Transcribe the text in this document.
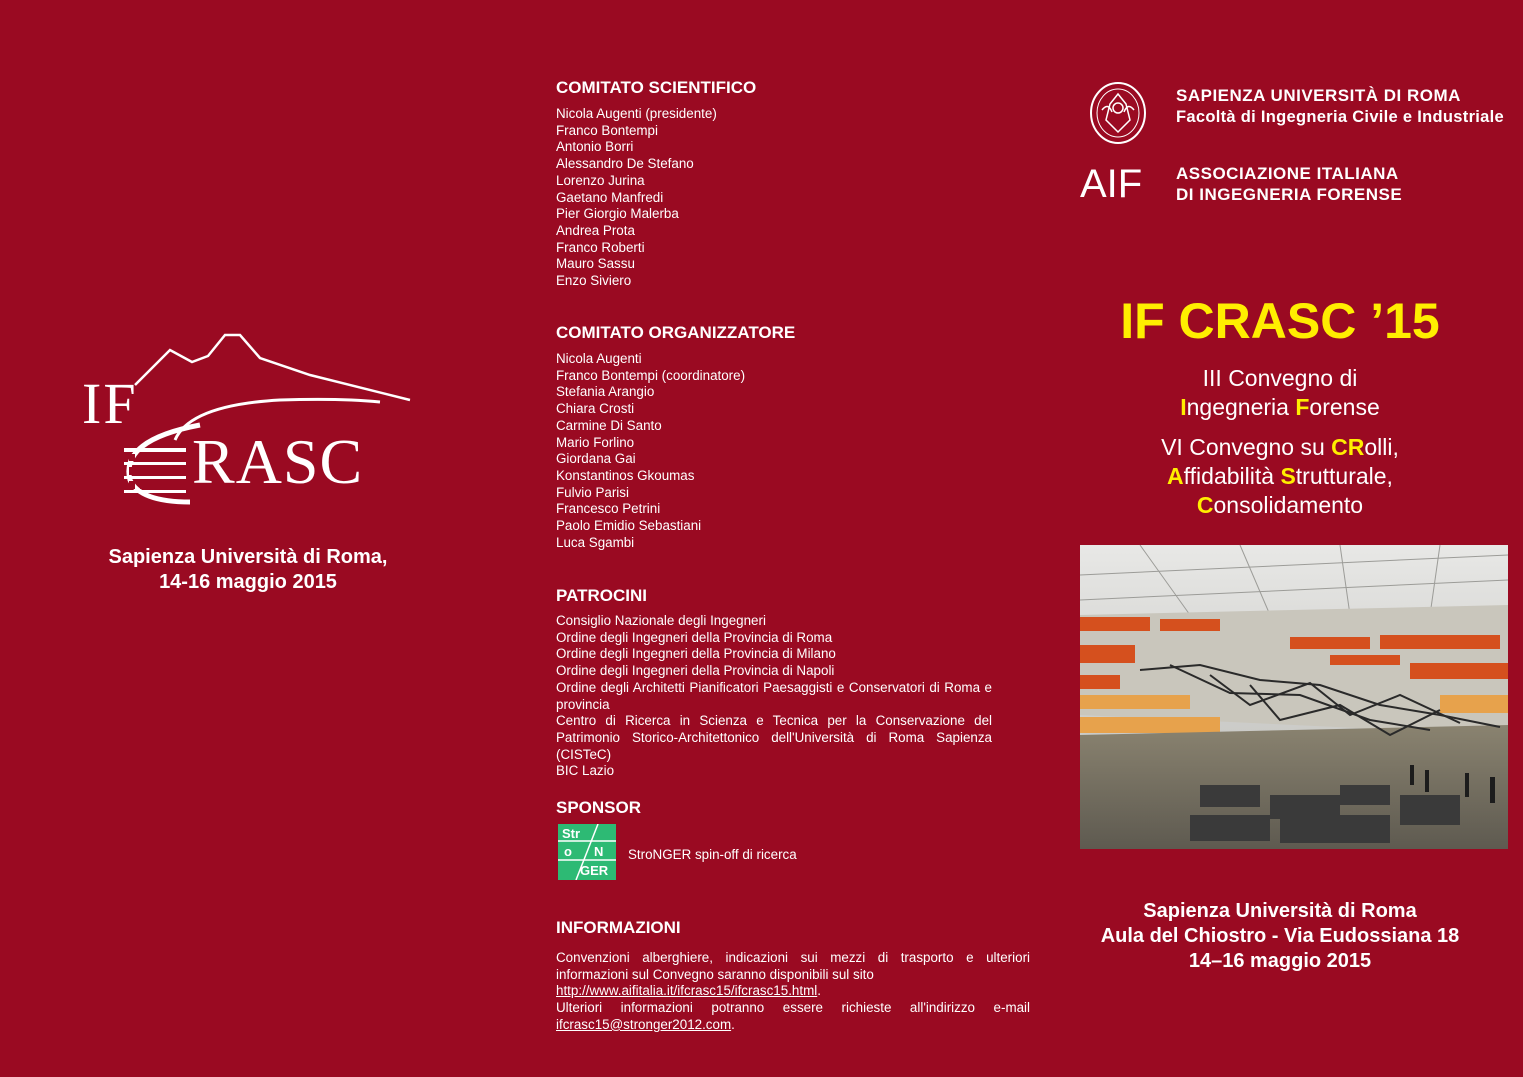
IF
RASC
Sapienza Università di Roma,
14-16 maggio 2015
COMITATO SCIENTIFICO
Nicola Augenti (presidente)
Franco Bontempi
Antonio Borri
Alessandro De Stefano
Lorenzo Jurina
Gaetano Manfredi
Pier Giorgio Malerba
Andrea Prota
Franco Roberti
Mauro Sassu
Enzo Siviero
COMITATO ORGANIZZATORE
Nicola Augenti
Franco Bontempi (coordinatore)
Stefania Arangio
Chiara Crosti
Carmine Di Santo
Mario Forlino
Giordana Gai
Konstantinos Gkoumas
Fulvio Parisi
Francesco Petrini
Paolo Emidio Sebastiani
Luca Sgambi
PATROCINI
Consiglio Nazionale degli Ingegneri
Ordine degli Ingegneri della Provincia di Roma
Ordine degli Ingegneri della Provincia di Milano
Ordine degli Ingegneri della Provincia di Napoli
Ordine degli Architetti Pianificatori Paesaggisti e Conservatori di Roma e provincia
Centro di Ricerca in Scienza e Tecnica per la Conservazione del Patrimonio Storico-Architettonico dell'Università di Roma Sapienza (CISTeC)
BIC Lazio
SPONSOR
Str
o N
GER
StroNGER spin-off di ricerca
INFORMAZIONI

Convenzioni alberghiere, indicazioni sui mezzi di trasporto e ulteriori informazioni sul Convegno saranno disponibili sul sito

http://www.aifitalia.it/ifcrasc15/ifcrasc15.html.

Ulteriori informazioni potranno essere richieste all'indirizzo e-mail

ifcrasc15@stronger2012.com.

SAPIENZA UNIVERSITÀ DI ROMA
Facoltà di Ingegneria Civile e Industriale
AIF ASSOCIAZIONE ITALIANA
DI INGEGNERIA FORENSE
IF CRASC ’15
III Convegno di
Ingegneria Forense
VI Convegno su CRolli,
Affidabilità Strutturale,
Consolidamento
Sapienza Università di Roma
Aula del Chiostro - Via Eudossiana 18
14–16 maggio 2015
